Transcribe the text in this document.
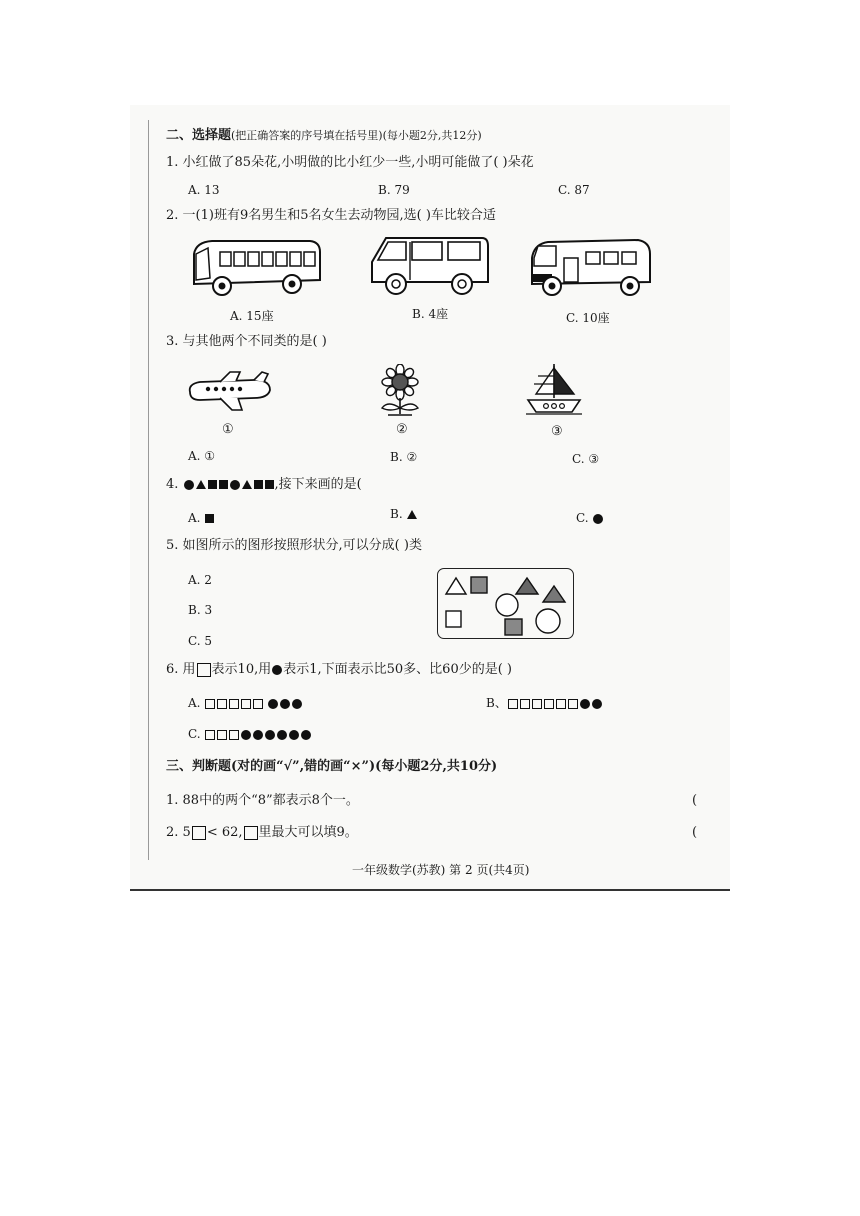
二、选择题(把正确答案的序号填在括号里)(每小题2分,共12分)
1. 小红做了85朵花,小明做的比小红少一些,小明可能做了( )朵花
A. 13	B. 79	C. 87
2. 一(1)班有9名男生和5名女生去动物园,选( )车比较合适
A. 15座	B. 4座	C. 10座
3. 与其他两个不同类的是( )
①	②	③
A. ①	B. ②	C. ③
4.	,接下来画的是(
A.	B.	C.
5. 如图所示的图形按照形状分,可以分成( )类
A. 2
B. 3
C. 5
6. 用 表示10,用 表示1,下面表示比50多、比60少的是( )
A.	B、
C.
三、判断题(对的画“√”,错的画“×”)(每小题2分,共10分)
1. 88中的两个“8”都表示8个一。	(
2. 5 < 62, 里最大可以填9。	(
一年级数学(苏教) 第 2 页(共4页)
